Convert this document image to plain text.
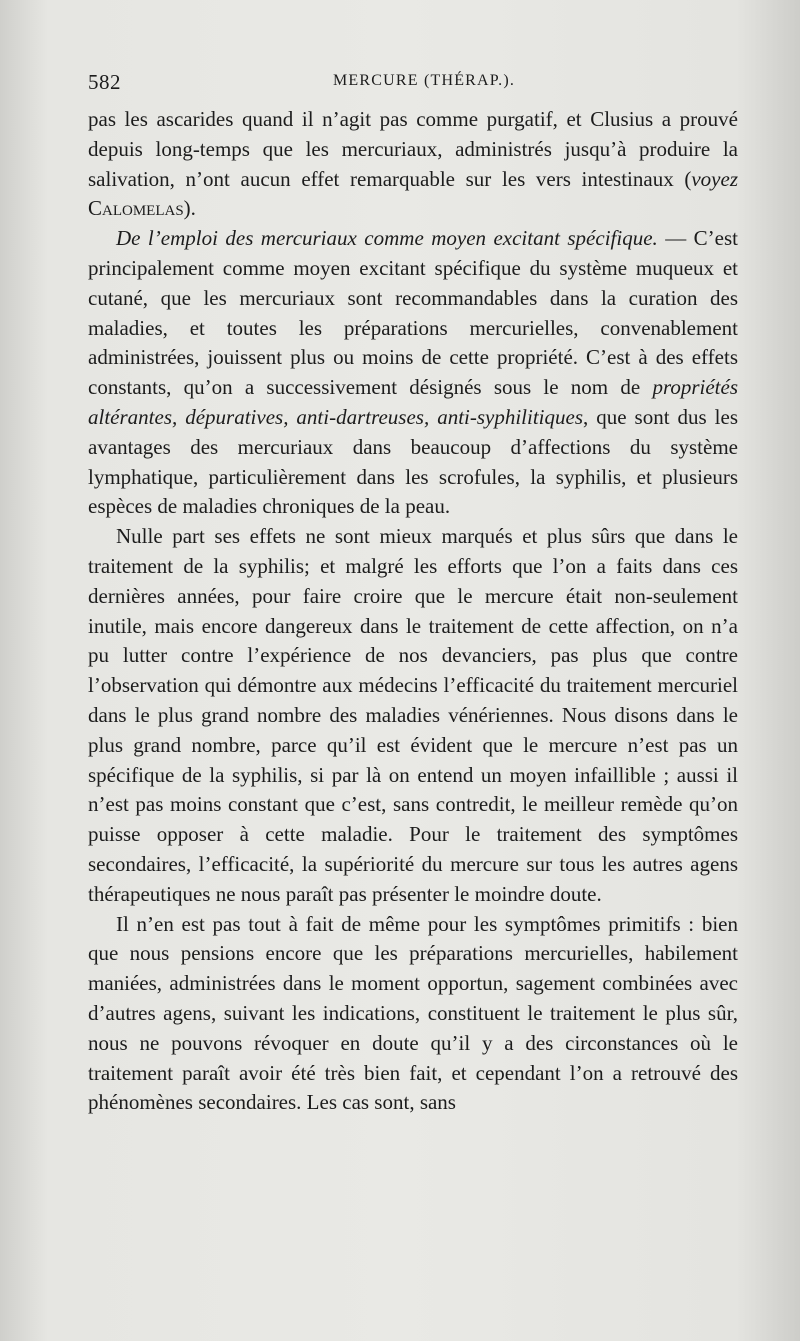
582	MERCURE (THÉRAP.).

pas les ascarides quand il n’agit pas comme purgatif, et Clusius a prouvé depuis long-temps que les mercuriaux, administrés jusqu’à produire la salivation, n’ont aucun effet remarquable sur les vers intestinaux (voyez Calomelas).

De l’emploi des mercuriaux comme moyen excitant spécifique. — C’est principalement comme moyen excitant spécifique du système muqueux et cutané, que les mercuriaux sont recommandables dans la curation des maladies, et toutes les préparations mercurielles, convenablement administrées, jouissent plus ou moins de cette propriété. C’est à des effets constants, qu’on a successivement désignés sous le nom de propriétés altérantes, dépuratives, anti-dartreuses, anti-syphilitiques, que sont dus les avantages des mercuriaux dans beaucoup d’affections du système lymphatique, particulièrement dans les scrofules, la syphilis, et plusieurs espèces de maladies chroniques de la peau.

Nulle part ses effets ne sont mieux marqués et plus sûrs que dans le traitement de la syphilis; et malgré les efforts que l’on a faits dans ces dernières années, pour faire croire que le mercure était non-seulement inutile, mais encore dangereux dans le traitement de cette affection, on n’a pu lutter contre l’expérience de nos devanciers, pas plus que contre l’observation qui démontre aux médecins l’efficacité du traitement mercuriel dans le plus grand nombre des maladies vénériennes. Nous disons dans le plus grand nombre, parce qu’il est évident que le mercure n’est pas un spécifique de la syphilis, si par là on entend un moyen infaillible ; aussi il n’est pas moins constant que c’est, sans contredit, le meilleur remède qu’on puisse opposer à cette maladie. Pour le traitement des symptômes secondaires, l’efficacité, la supériorité du mercure sur tous les autres agens thérapeutiques ne nous paraît pas présenter le moindre doute.

Il n’en est pas tout à fait de même pour les symptômes primitifs : bien que nous pensions encore que les préparations mercurielles, habilement maniées, administrées dans le moment opportun, sagement combinées avec d’autres agens, suivant les indications, constituent le traitement le plus sûr, nous ne pouvons révoquer en doute qu’il y a des circonstances où le traitement paraît avoir été très bien fait, et cependant l’on a retrouvé des phénomènes secondaires. Les cas sont, sans
